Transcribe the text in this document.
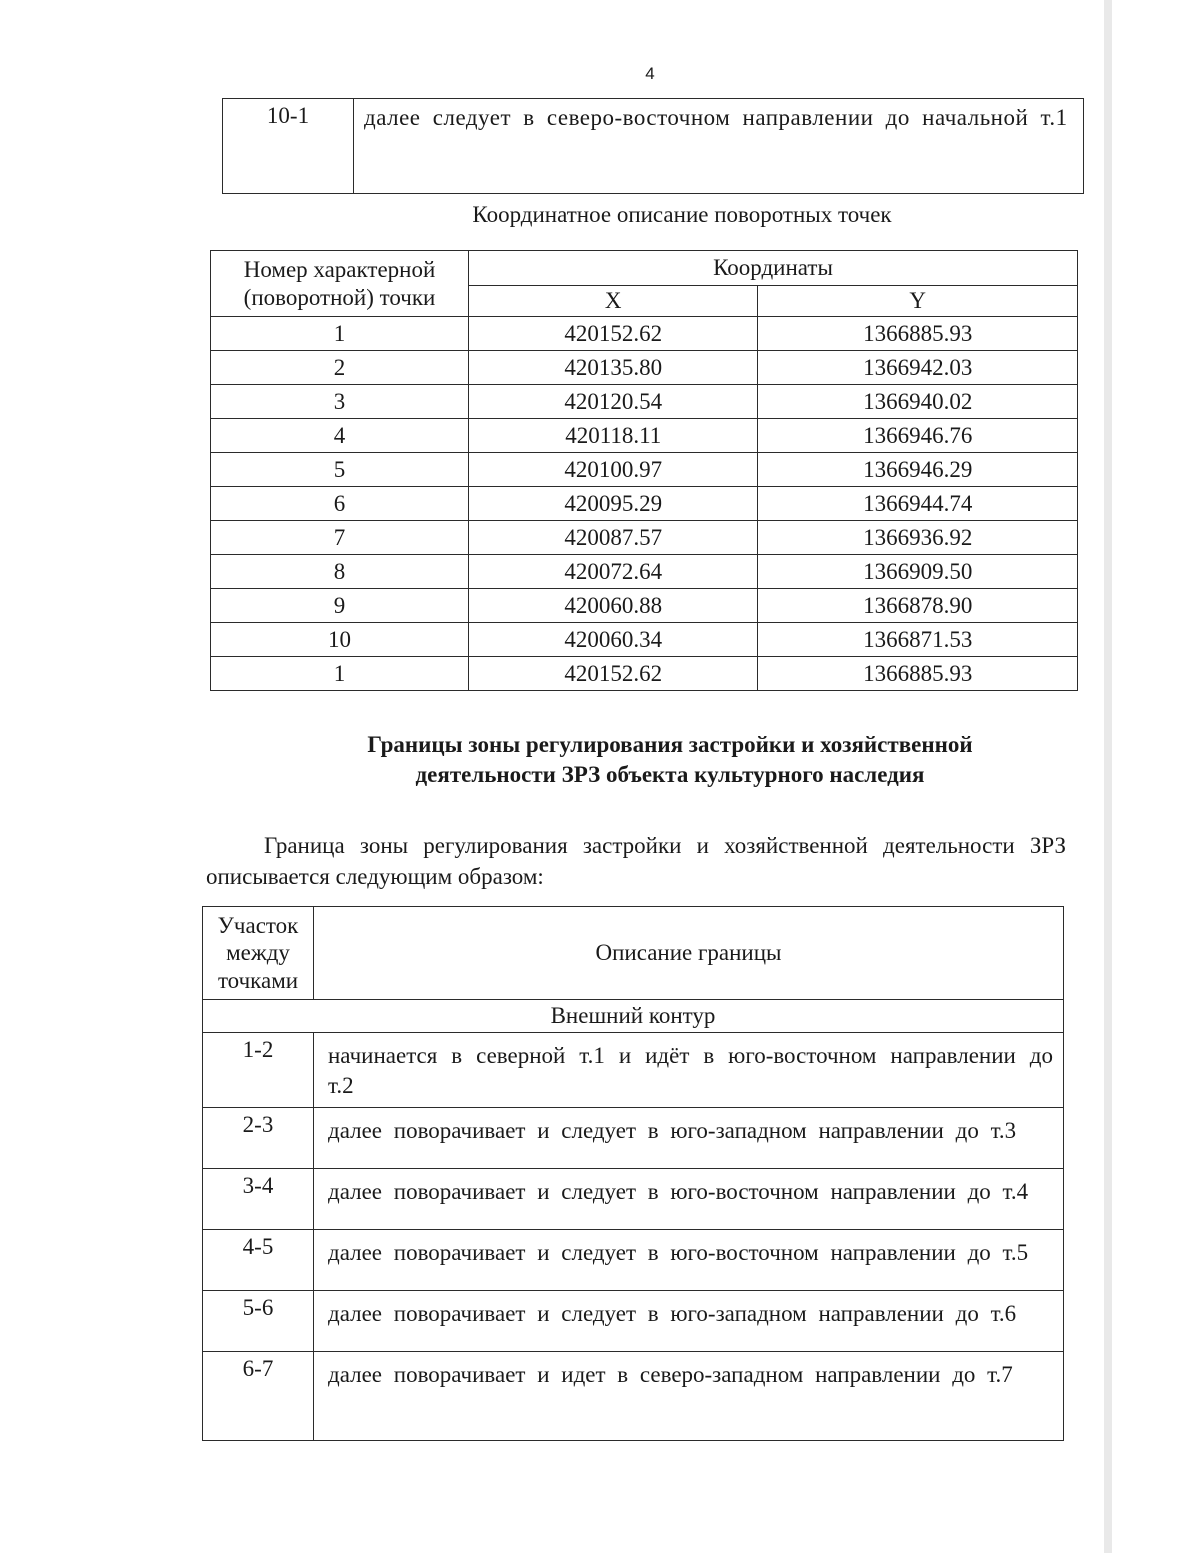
4
10-1	далее следует в северо-восточном направлении до начальной т.1
Координатное описание поворотных точек
Номер характерной (поворотной) точки	Координаты	
	X	Y
1	420152.62	1366885.93
2	420135.80	1366942.03
3	420120.54	1366940.02
4	420118.11	1366946.76
5	420100.97	1366946.29
6	420095.29	1366944.74
7	420087.57	1366936.92
8	420072.64	1366909.50
9	420060.88	1366878.90
10	420060.34	1366871.53
1	420152.62	1366885.93
Границы зоны регулирования застройки и хозяйственной
деятельности ЗРЗ объекта культурного наследия
Граница зоны регулирования застройки и хозяйственной деятельности ЗРЗ описывается следующим образом:
Участок между точками	Описание границы
Внешний контур	
1-2	начинается в северной т.1 и идёт в юго-восточном направлении до т.2
2-3	далее поворачивает и следует в юго-западном направлении до т.3
3-4	далее поворачивает и следует в юго-восточном направлении до т.4
4-5	далее поворачивает и следует в юго-восточном направлении до т.5
5-6	далее поворачивает и следует в юго-западном направлении до т.6
6-7	далее поворачивает и идет в северо-западном направлении до т.7
